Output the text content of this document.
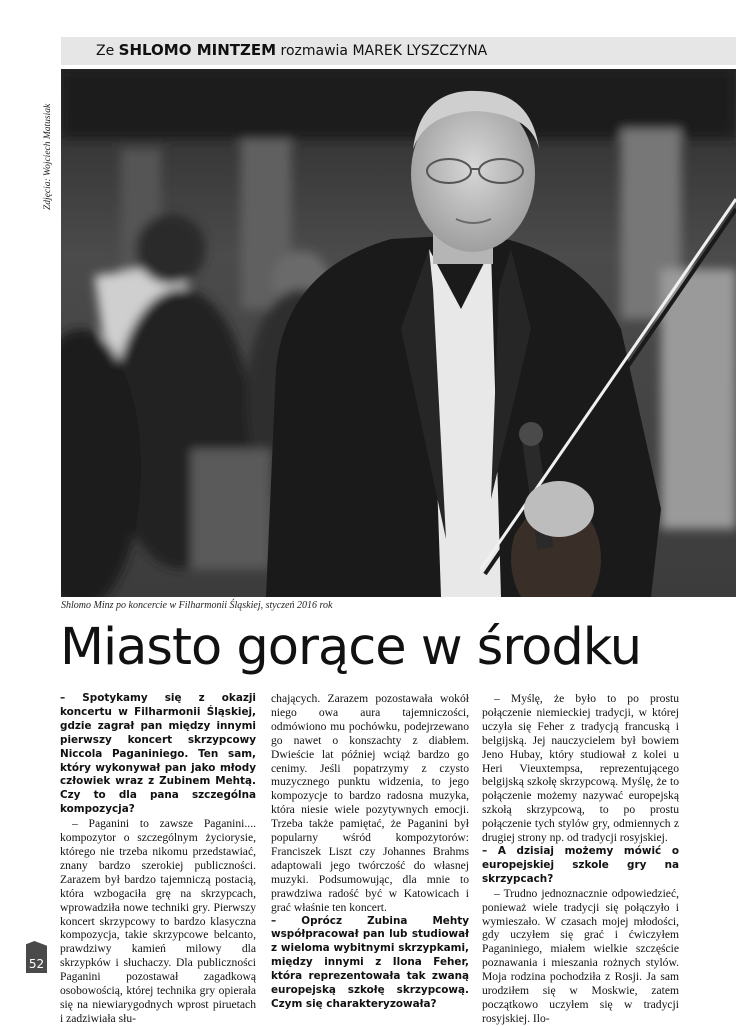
Ze SHLOMO MINTZEM rozmawia MAREK LYSZCZYNA
Zdjęcia: Wojciech Matusiak
Shlomo Minz po koncercie w Filharmonii Śląskiej, styczeń 2016 rok
Miasto gorące w środku

– Spotykamy się z okazji koncertu w Filharmonii Śląskiej, gdzie zagrał pan między innymi pierwszy koncert skrzypcowy Niccola Paganiniego. Ten sam, który wykonywał pan jako młody człowiek wraz z Zubinem Mehtą. Czy to dla pana szczególna kompozycja?

– Paganini to zawsze Paganini.... kompozytor o szczególnym życiorysie, którego nie trzeba nikomu przedstawiać, znany bardzo szerokiej publiczności. Zarazem był bardzo tajemniczą postacią, która wzbogaciła grę na skrzypcach, wprowadziła nowe techniki gry. Pierwszy koncert skrzypcowy to bardzo klasyczna kompozycja, takie skrzypcowe belcanto, prawdziwy kamień milowy dla skrzypków i słuchaczy. Dla publiczności Paganini pozostawał zagadkową osobowością, której technika gry opierała się na niewiarygodnych wprost piruetach i zadziwiała słu-

chających. Zarazem pozostawała wokół niego owa aura tajemniczości, odmówiono mu pochówku, podejrzewano go nawet o konszachty z diabłem. Dwieście lat później wciąż bardzo go cenimy. Jeśli popatrzymy z czysto muzycznego punktu widzenia, to jego kompozycje to bardzo radosna muzyka, która niesie wiele pozytywnych emocji. Trzeba także pamiętać, że Paganini był popularny wśród kompozytorów: Franciszek Liszt czy Johannes Brahms adaptowali jego twórczość do własnej muzyki. Podsumowując, dla mnie to prawdziwa radość być w Katowicach i grać właśnie ten koncert.

– Oprócz Zubina Mehty współpracował pan lub studiował z wieloma wybitnymi skrzypkami, między innymi z Ilona Feher, która reprezentowała tak zwaną europejską szkołę skrzypcową. Czym się charakteryzowała?

– Myślę, że było to po prostu połączenie niemieckiej tradycji, w której uczyła się Feher z tradycją francuską i belgijską. Jej nauczycielem był bowiem Jeno Hubay, który studiował z kolei u Heri Vieuxtempsa, reprezentującego belgijską szkołę skrzypcową. Myślę, że to połączenie możemy nazywać europejską szkołą skrzypcową, to po prostu połączenie tych stylów gry, odmiennych z drugiej strony np. od tradycji rosyjskiej.

– A dzisiaj możemy mówić o europejskiej szkole gry na skrzypcach?

– Trudno jednoznacznie odpowiedzieć, ponieważ wiele tradycji się połączyło i wymieszało. W czasach mojej młodości, gdy uczyłem się grać i ćwiczyłem Paganiniego, miałem wielkie szczęście poznawania i mieszania rożnych stylów. Moja rodzina pochodziła z Rosji. Ja sam urodziłem się w Moskwie, zatem początkowo uczyłem się w tradycji rosyjskiej. Ilo-

52
